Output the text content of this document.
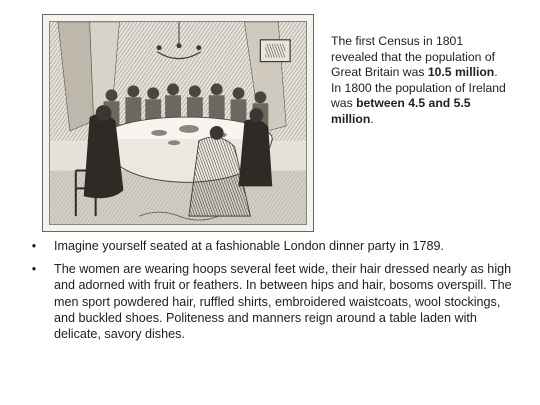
The first Census in 1801 revealed that the population of Great Britain was 10.5 million. In 1800 the population of Ireland was between 4.5 and 5.5 million.
•	Imagine yourself seated at a fashionable London dinner party in 1789.
•	The women are wearing hoops several feet wide, their hair dressed nearly as high and adorned with fruit or feathers. In between hips and hair, bosoms overspill. The men sport powdered hair, ruffled shirts, embroidered waistcoats, wool stockings, and buckled shoes. Politeness and manners reign around a table laden with delicate, savory dishes.
